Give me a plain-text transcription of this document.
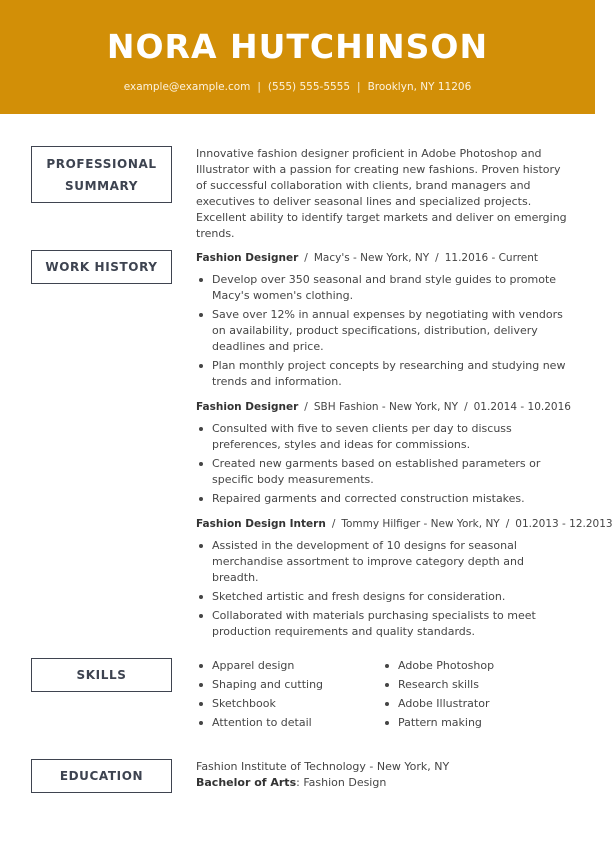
NORA HUTCHINSON
example@example.com | (555) 555-5555 | Brooklyn, NY 11206
PROFESSIONAL
SUMMARY

Innovative fashion designer proficient in Adobe Photoshop and Illustrator with a passion for creating new fashions. Proven history of successful collaboration with clients, brand managers and executives to deliver seasonal lines and specialized projects. Excellent ability to identify target markets and deliver on emerging trends.

WORK HISTORY
Fashion Designer / Macy's - New York, NY / 11.2016 - Current
Develop over 350 seasonal and brand style guides to promote Macy's women's clothing.
Save over 12% in annual expenses by negotiating with vendors on availability, product specifications, distribution, delivery deadlines and price.
Plan monthly project concepts by researching and studying new trends and information.
Fashion Designer / SBH Fashion - New York, NY / 01.2014 - 10.2016
Consulted with five to seven clients per day to discuss preferences, styles and ideas for commissions.
Created new garments based on established parameters or specific body measurements.
Repaired garments and corrected construction mistakes.
Fashion Design Intern / Tommy Hilfiger - New York, NY / 01.2013 - 12.2013
Assisted in the development of 10 designs for seasonal merchandise assortment to improve category depth and breadth.
Sketched artistic and fresh designs for consideration.
Collaborated with materials purchasing specialists to meet production requirements and quality standards.
SKILLS
Apparel design
Shaping and cutting
Sketchbook
Attention to detail
Adobe Photoshop
Research skills
Adobe Illustrator
Pattern making
EDUCATION
Fashion Institute of Technology - New York, NY
Bachelor of Arts: Fashion Design
